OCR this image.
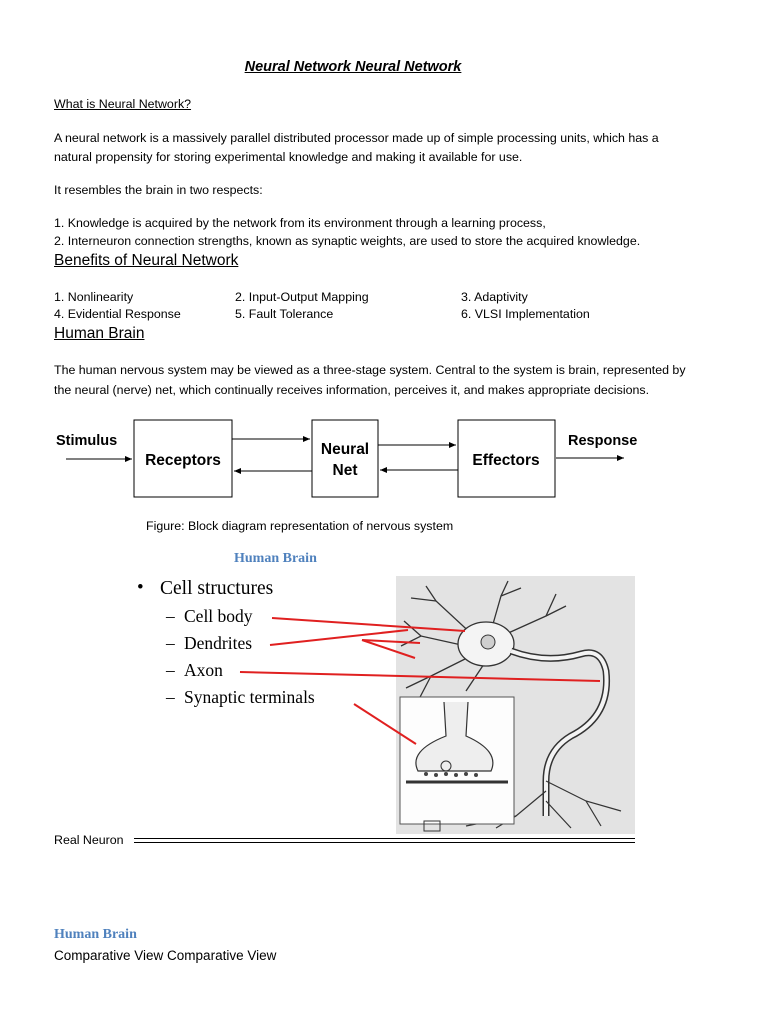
Neural Network Neural Network
What is Neural Network?
A neural network is a massively parallel distributed processor made up of simple processing units, which has a
natural propensity for storing experimental knowledge and making it available for use.
It resembles the brain in two respects:
1. Knowledge is acquired by the network from its environment through a learning process,
2. Interneuron connection strengths, known as synaptic weights, are used to store the acquired knowledge.
Benefits of Neural Network
1. Nonlinearity	2. Input-Output Mapping	3. Adaptivity
4. Evidential Response	5. Fault Tolerance	6. VLSI Implementation
Human Brain
The human nervous system may be viewed as a three-stage system. Central to the system is brain, represented by
the neural (nerve) net, which continually receives information, perceives it, and makes appropriate decisions.
Stimulus
Receptors
Neural
Net
Effectors
Response
Figure: Block diagram representation of nervous system
Human Brain
• Cell structures
– Cell body
– Dendrites
– Axon
– Synaptic terminals
Real Neuron
Human Brain
Comparative View Comparative View
